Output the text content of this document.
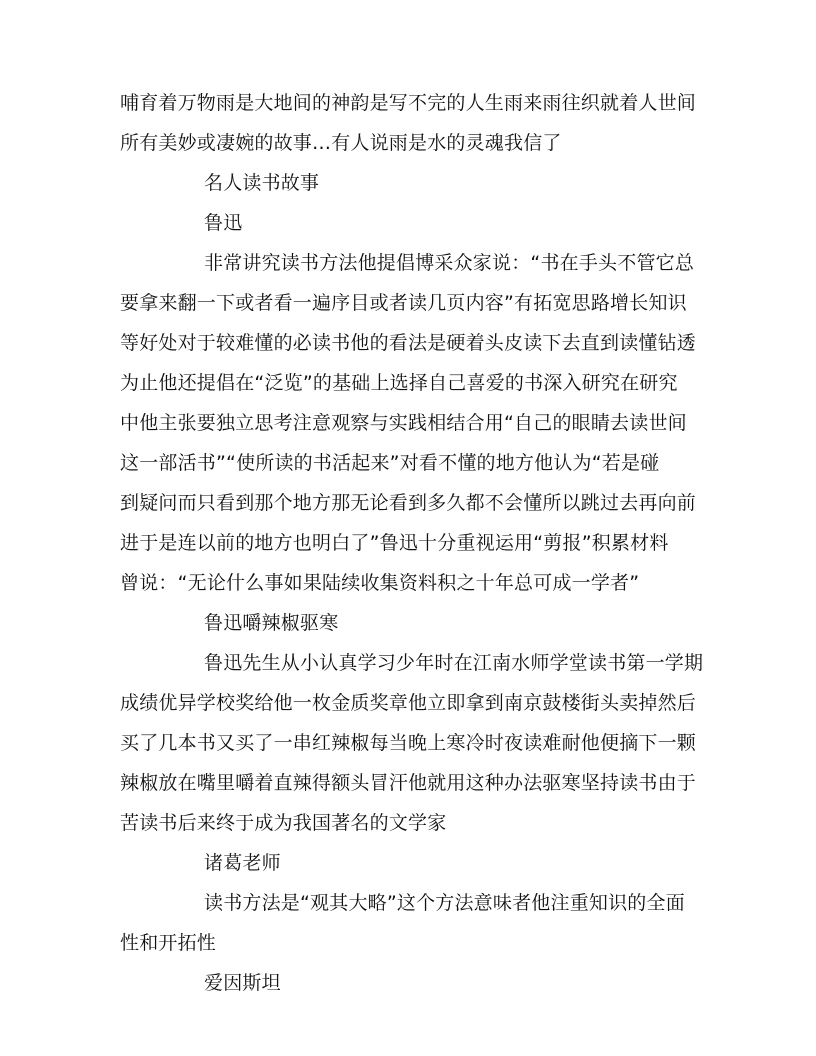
哺育着万物雨是大地间的神韵是写不完的人生雨来雨往织就着人世间
所有美妙或凄婉的故事…有人说雨是水的灵魂我信了
名人读书故事
鲁迅
非常讲究读书方法他提倡博采众家说：“书在手头不管它总
要拿来翻一下或者看一遍序目或者读几页内容”有拓宽思路增长知识
等好处对于较难懂的必读书他的看法是硬着头皮读下去直到读懂钻透
为止他还提倡在“泛览”的基础上选择自己喜爱的书深入研究在研究
中他主张要独立思考注意观察与实践相结合用“自己的眼睛去读世间
这一部活书”“使所读的书活起来”对看不懂的地方他认为“若是碰
到疑问而只看到那个地方那无论看到多久都不会懂所以跳过去再向前
进于是连以前的地方也明白了”鲁迅十分重视运用“剪报”积累材料
曾说：“无论什么事如果陆续收集资料积之十年总可成一学者”
鲁迅嚼辣椒驱寒
鲁迅先生从小认真学习少年时在江南水师学堂读书第一学期
成绩优异学校奖给他一枚金质奖章他立即拿到南京鼓楼街头卖掉然后
买了几本书又买了一串红辣椒每当晚上寒冷时夜读难耐他便摘下一颗
辣椒放在嘴里嚼着直辣得额头冒汗他就用这种办法驱寒坚持读书由于
苦读书后来终于成为我国著名的文学家
诸葛老师
读书方法是“观其大略”这个方法意味者他注重知识的全面
性和开拓性
爱因斯坦
